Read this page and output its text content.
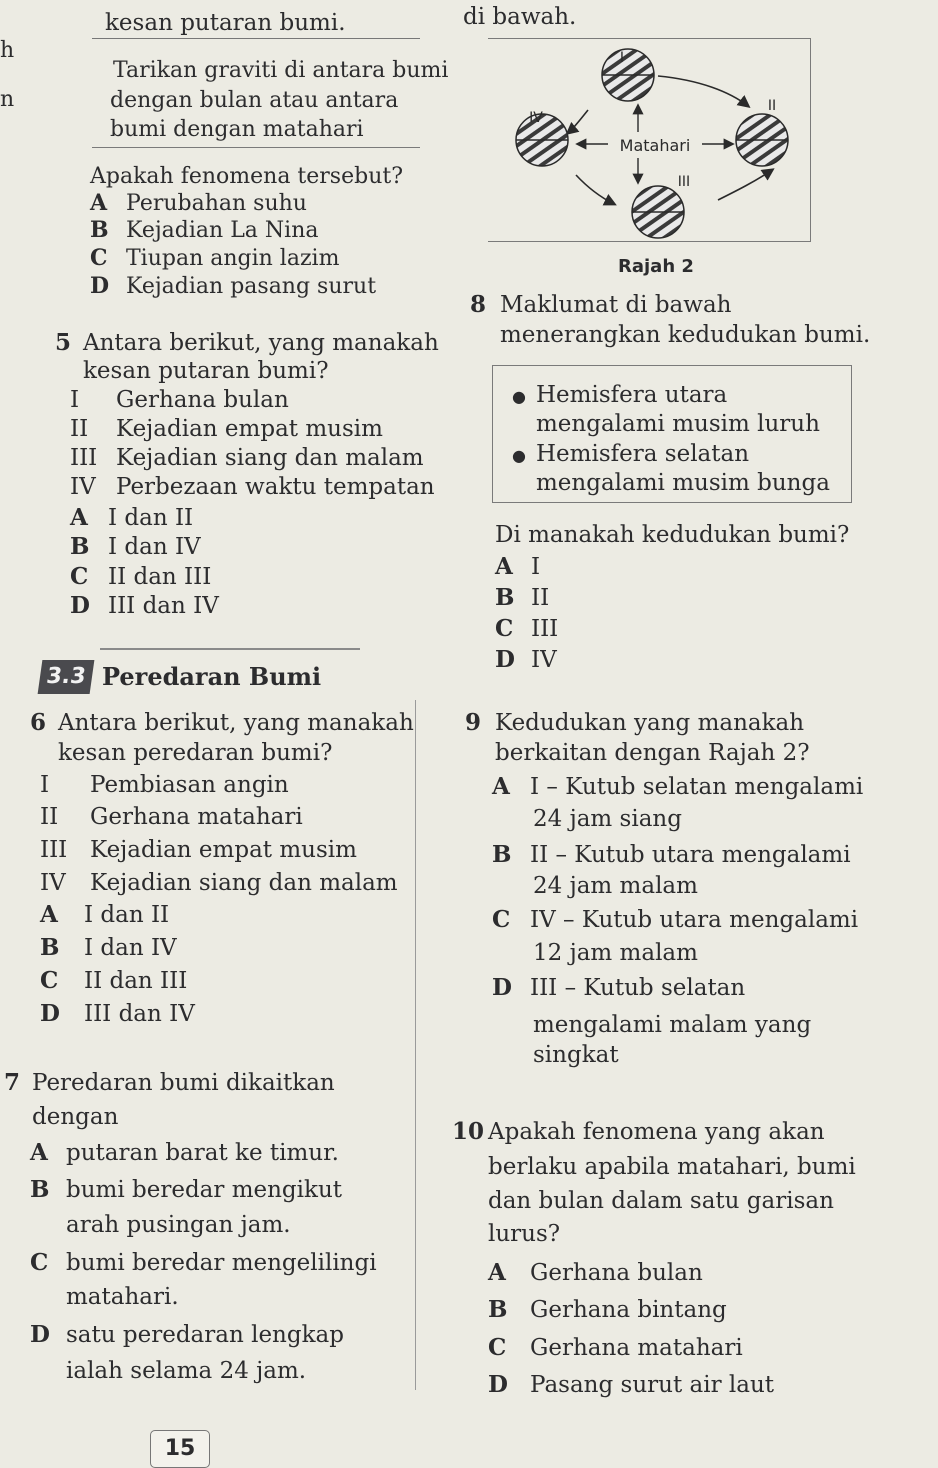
kesan putaran bumi.	di bawah.
h
n
Tarikan graviti di antara bumi
dengan bulan atau antara
bumi dengan matahari
Apakah fenomena tersebut?
A Perubahan suhu
B Kejadian La Nina
C Tiupan angin lazim
D Kejadian pasang surut
5 Antara berikut, yang manakah
kesan putaran bumi?
I Gerhana bulan
II Kejadian empat musim
III Kejadian siang dan malam
IV Perbezaan waktu tempatan
A I dan II
B I dan IV
C II dan III
D III dan IV
3.3 Peredaran Bumi
6 Antara berikut, yang manakah
kesan peredaran bumi?
I Pembiasan angin
II Gerhana matahari
III Kejadian empat musim
IV Kejadian siang dan malam
A I dan II
B I dan IV
C II dan III
D III dan IV
7 Peredaran bumi dikaitkan
dengan
A putaran barat ke timur.
B bumi beredar mengikut
arah pusingan jam.
C bumi beredar mengelilingi
matahari.
D satu peredaran lengkap
ialah selama 24 jam.
Matahari
I
II
III
IV
Rajah 2
8 Maklumat di bawah
menerangkan kedudukan bumi.
● Hemisfera utara
mengalami musim luruh
● Hemisfera selatan
mengalami musim bunga
Di manakah kedudukan bumi?
A I
B II
C III
D IV
9 Kedudukan yang manakah
berkaitan dengan Rajah 2?
A I – Kutub selatan mengalami
24 jam siang
B II – Kutub utara mengalami
24 jam malam
C IV – Kutub utara mengalami
12 jam malam
D III – Kutub selatan
mengalami malam yang
singkat
10 Apakah fenomena yang akan
berlaku apabila matahari, bumi
dan bulan dalam satu garisan
lurus?
A Gerhana bulan
B Gerhana bintang
C Gerhana matahari
D Pasang surut air laut
15
